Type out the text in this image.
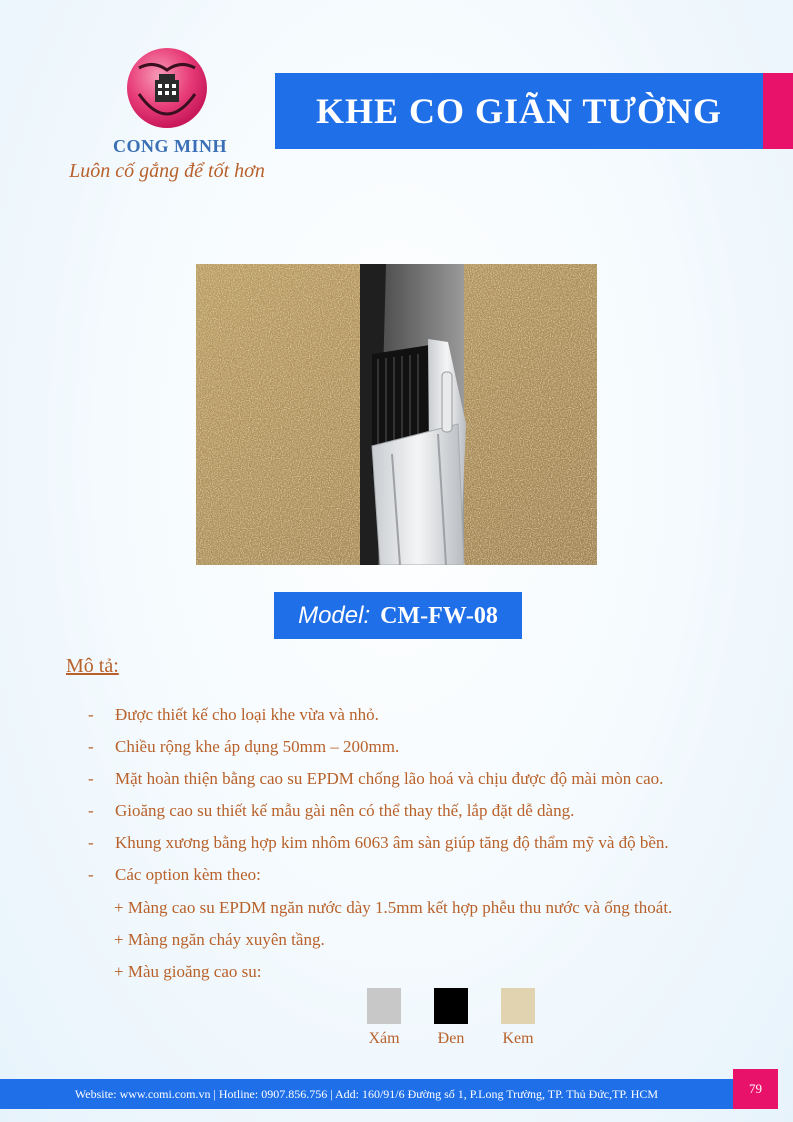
CONG MINH
Luôn cố gắng để tốt hơn
KHE CO GIÃN TƯỜNG
Model: CM-FW-08
Mô tả:
- Được thiết kế cho loại khe vừa và nhỏ.
- Chiều rộng khe áp dụng 50mm – 200mm.
- Mặt hoàn thiện bằng cao su EPDM chống lão hoá và chịu được độ mài mòn cao.
- Gioăng cao su thiết kế mẫu gài nên có thể thay thế, lắp đặt dễ dàng.
- Khung xương bằng hợp kim nhôm 6063 âm sàn giúp tăng độ thẩm mỹ và độ bền.
- Các option kèm theo:
+ Màng cao su EPDM ngăn nước dày 1.5mm kết hợp phễu thu nước và ống thoát.
+ Màng ngăn cháy xuyên tầng.
+ Màu gioăng cao su:
Xám	Đen	Kem
Website: www.comi.com.vn | Hotline: 0907.856.756 | Add: 160/91/6 Đường số 1, P.Long Trường, TP. Thủ Đức,TP. HCM	79
